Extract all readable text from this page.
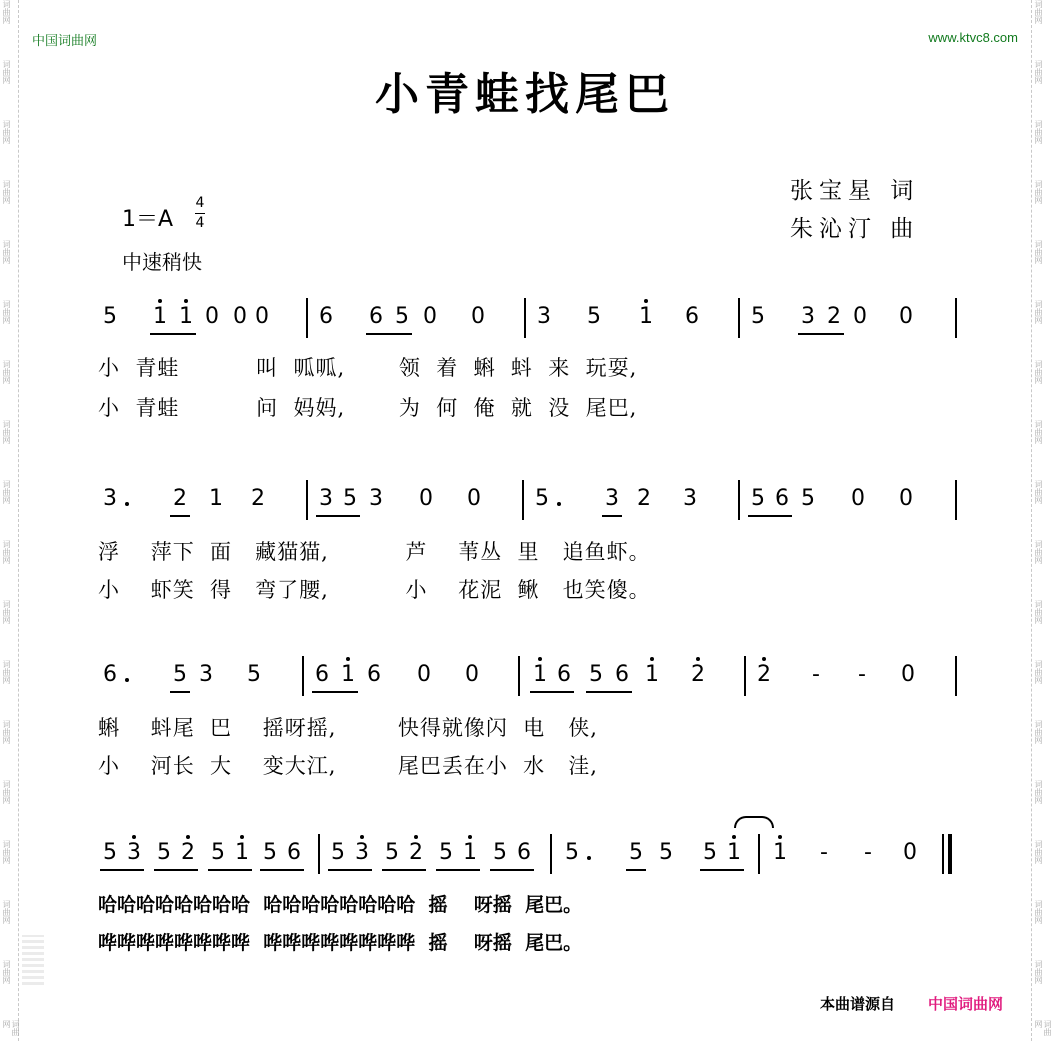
词曲网
词曲网
词曲网
词曲网
词曲网
词曲网
词曲网
词曲网
词曲网
词曲网
词曲网
词曲网
词曲网
词曲网
词曲网
词曲网
词曲网
词曲网
词曲网
词曲网
词曲网
词曲网
词曲网
词曲网
词曲网
词曲网
词曲网
词曲网
词曲网
词曲网
词曲网
词曲网
词曲网
词曲网
词曲网
词曲网
中国词曲网	www.ktvc8.com
小青蛙找尾巴
张宝星 词
朱沁汀 曲
1＝A
4
4
中速稍快
5 1 1 0 0 0 6 6 5 0 0 3 5 1 6 5 3 2 0 0
小  青蛙          叫  呱呱,       领  着  蝌  蚪  来  玩耍,
小  青蛙          问  妈妈,       为  何  俺  就  没  尾巴,
3	2 1 2 3 5 3 0 0 5	3 2 3 5 6 5 0 0
浮    萍下  面   藏猫猫,          芦    苇丛  里   追鱼虾。
小    虾笑  得   弯了腰,          小    花泥  鳅   也笑傻。
6	5 3 5 6 1 6 0 0 1 6 5 6 1 2 2 - - 0
蝌    蚪尾  巴    摇呀摇,        快得就像闪  电   侠,
小    河长  大    变大江,        尾巴丢在小  水   洼,
5 3 5 2 5 1 5 6 5 3 5 2 5 1 5 6 5 5 5 5 1 1 - - 0
哈哈哈哈哈哈哈哈  哈哈哈哈哈哈哈哈  摇    呀摇  尾巴。
哗哗哗哗哗哗哗哗  哗哗哗哗哗哗哗哗  摇    呀摇  尾巴。
本曲谱源自 中国词曲网
